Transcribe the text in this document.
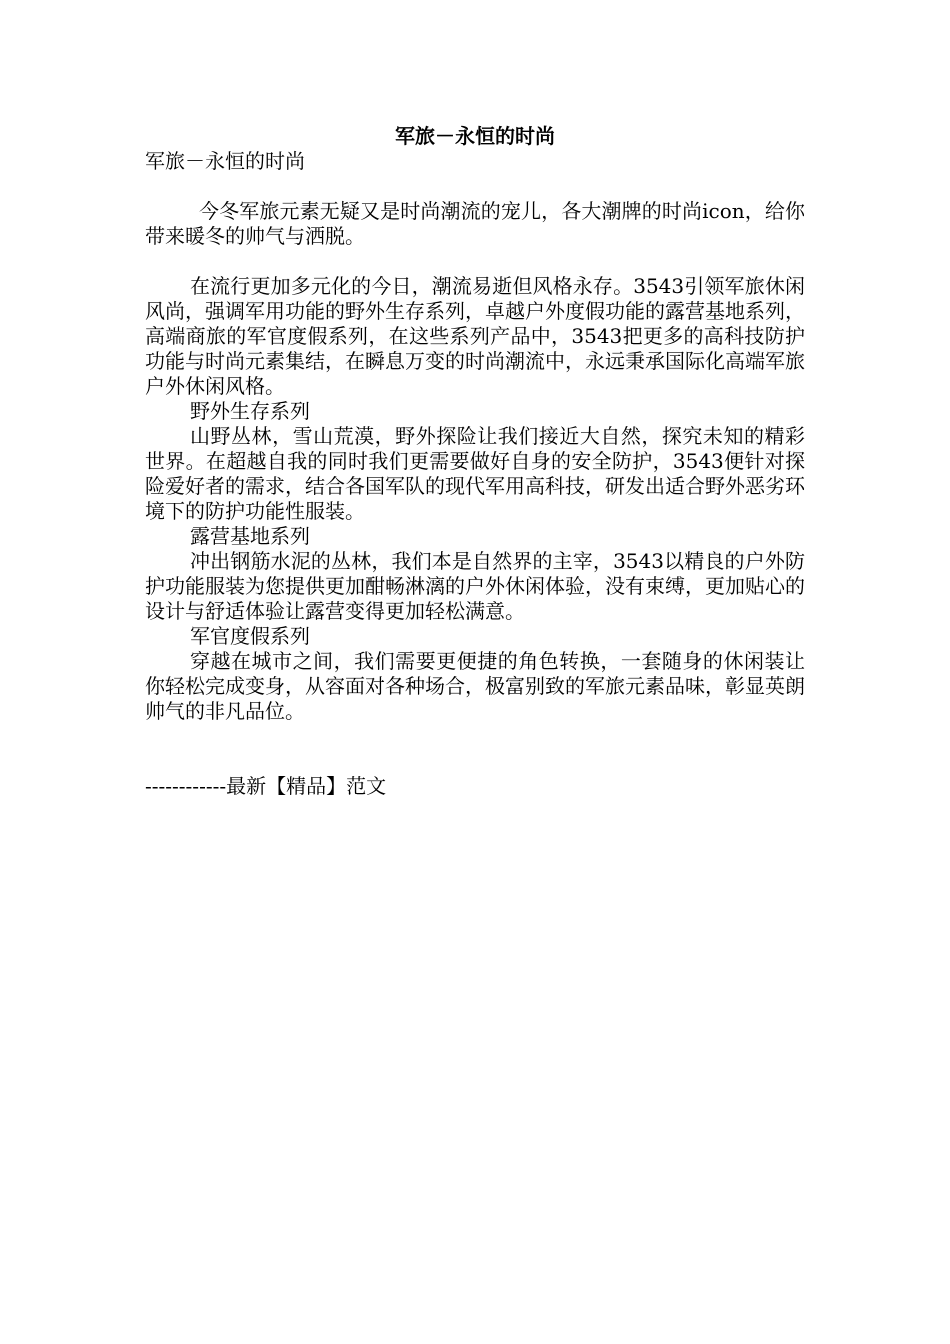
军旅－永恒的时尚

军旅－永恒的时尚

今冬军旅元素无疑又是时尚潮流的宠儿，各大潮牌的时尚icon，给你带来暖冬的帅气与洒脱。

在流行更加多元化的今日，潮流易逝但风格永存。3543引领军旅休闲风尚，强调军用功能的野外生存系列，卓越户外度假功能的露营基地系列，高端商旅的军官度假系列，在这些系列产品中，3543把更多的高科技防护功能与时尚元素集结，在瞬息万变的时尚潮流中，永远秉承国际化高端军旅户外休闲风格。

野外生存系列

山野丛林，雪山荒漠，野外探险让我们接近大自然，探究未知的精彩世界。在超越自我的同时我们更需要做好自身的安全防护，3543便针对探险爱好者的需求，结合各国军队的现代军用高科技，研发出适合野外恶劣环境下的防护功能性服装。

露营基地系列

冲出钢筋水泥的丛林，我们本是自然界的主宰，3543以精良的户外防护功能服装为您提供更加酣畅淋漓的户外休闲体验，没有束缚，更加贴心的设计与舒适体验让露营变得更加轻松满意。

军官度假系列

穿越在城市之间，我们需要更便捷的角色转换，一套随身的休闲装让你轻松完成变身，从容面对各种场合，极富别致的军旅元素品味，彰显英朗帅气的非凡品位。

------------最新【精品】范文
